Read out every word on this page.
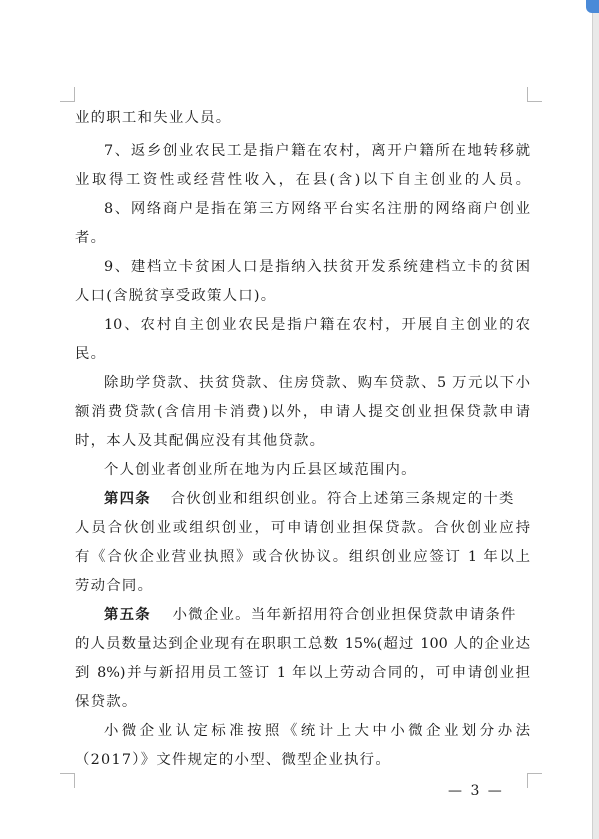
业的职工和失业人员。
7、返乡创业农民工是指户籍在农村，离开户籍所在地转移就
业取得工资性或经营性收入，在县(含)以下自主创业的人员。
8、网络商户是指在第三方网络平台实名注册的网络商户创业
者。
9、建档立卡贫困人口是指纳入扶贫开发系统建档立卡的贫困
人口(含脱贫享受政策人口)。
10、农村自主创业农民是指户籍在农村，开展自主创业的农
民。
除助学贷款、扶贫贷款、住房贷款、购车贷款、5 万元以下小
额消费贷款(含信用卡消费)以外，申请人提交创业担保贷款申请
时，本人及其配偶应没有其他贷款。
个人创业者创业所在地为内丘县区域范围内。
第四条 合伙创业和组织创业。符合上述第三条规定的十类
人员合伙创业或组织创业，可申请创业担保贷款。合伙创业应持
有《合伙企业营业执照》或合伙协议。组织创业应签订 1 年以上
劳动合同。
第五条 小微企业。当年新招用符合创业担保贷款申请条件
的人员数量达到企业现有在职职工总数 15%(超过 100 人的企业达
到 8%)并与新招用员工签订 1 年以上劳动合同的，可申请创业担
保贷款。
小微企业认定标准按照《统计上大中小微企业划分办法
（2017）》文件规定的小型、微型企业执行。
— 3 —
